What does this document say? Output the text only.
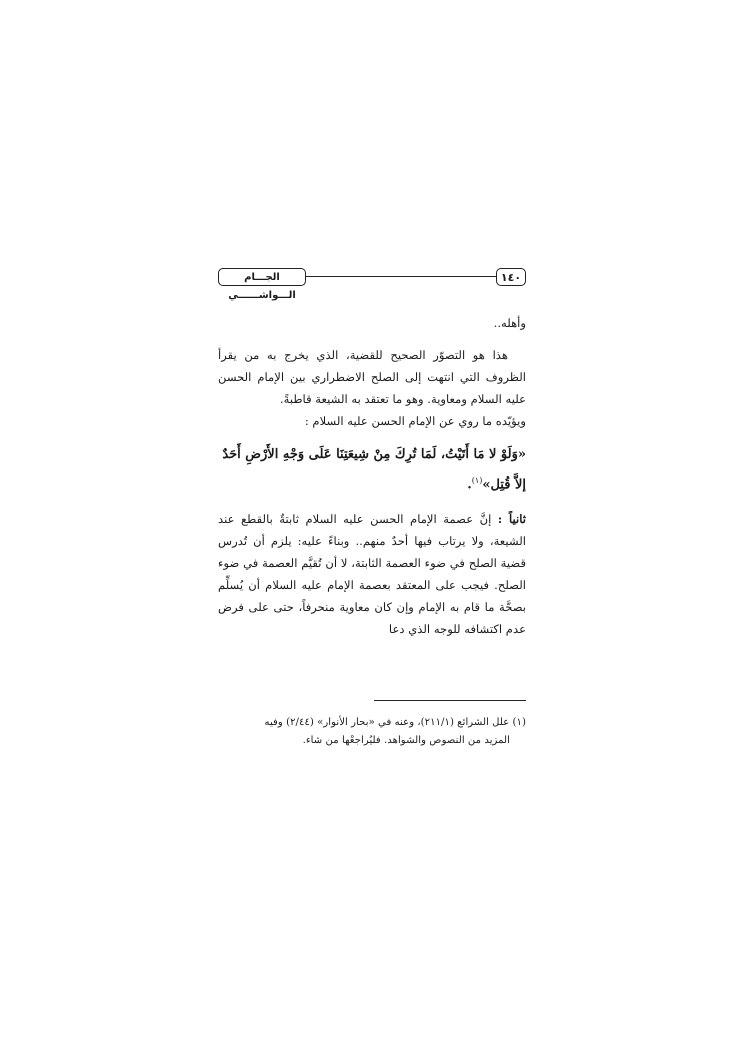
١٤٠
الجـــام الـــواشــــــي

وأهله..

هذا هو التصوّر الصحيح للقضية، الذي يخرج به من يقرأ الظروف التي انتهت إلى الصلح الاضطراري بين الإمام الحسن عليه السلام ومعاوية. وهو ما تعتقد به الشيعة قاطبةً.

ويؤيّده ما روي عن الإمام الحسن عليه السلام :

«وَلَوْ لا مَا أَتَيْتُ، لَمَا تُرِكَ مِنْ شِيعَتِنَا عَلَى وَجْهِ الأَرْضِ أَحَدٌ إلاَّ قُتِل»$^{(١)}$.

ثانياً : إنَّ عصمة الإمام الحسن عليه السلام ثابتةٌ بالقطع عند الشيعة، ولا يرتاب فيها أحدٌ منهم.. وبناءً عليه: يلزم أن تُدرس قضية الصلح في ضوء العصمة الثابتة، لا أن تُقيَّم العصمة في ضوء الصلح. فيجب على المعتقد بعصمة الإمام عليه السلام أن يُسلِّم بصحَّة ما قام به الإمام وإن كان معاوية منحرفاً، حتى على فرض عدم اكتشافه للوجه الذي دعا

(١) علل الشرائع (٢١١/١)، وعنه في «بحار الأنوار» (٢/٤٤) وفيه

المزيد من النصوص والشواهد. فليُراجعْها من شاء.
